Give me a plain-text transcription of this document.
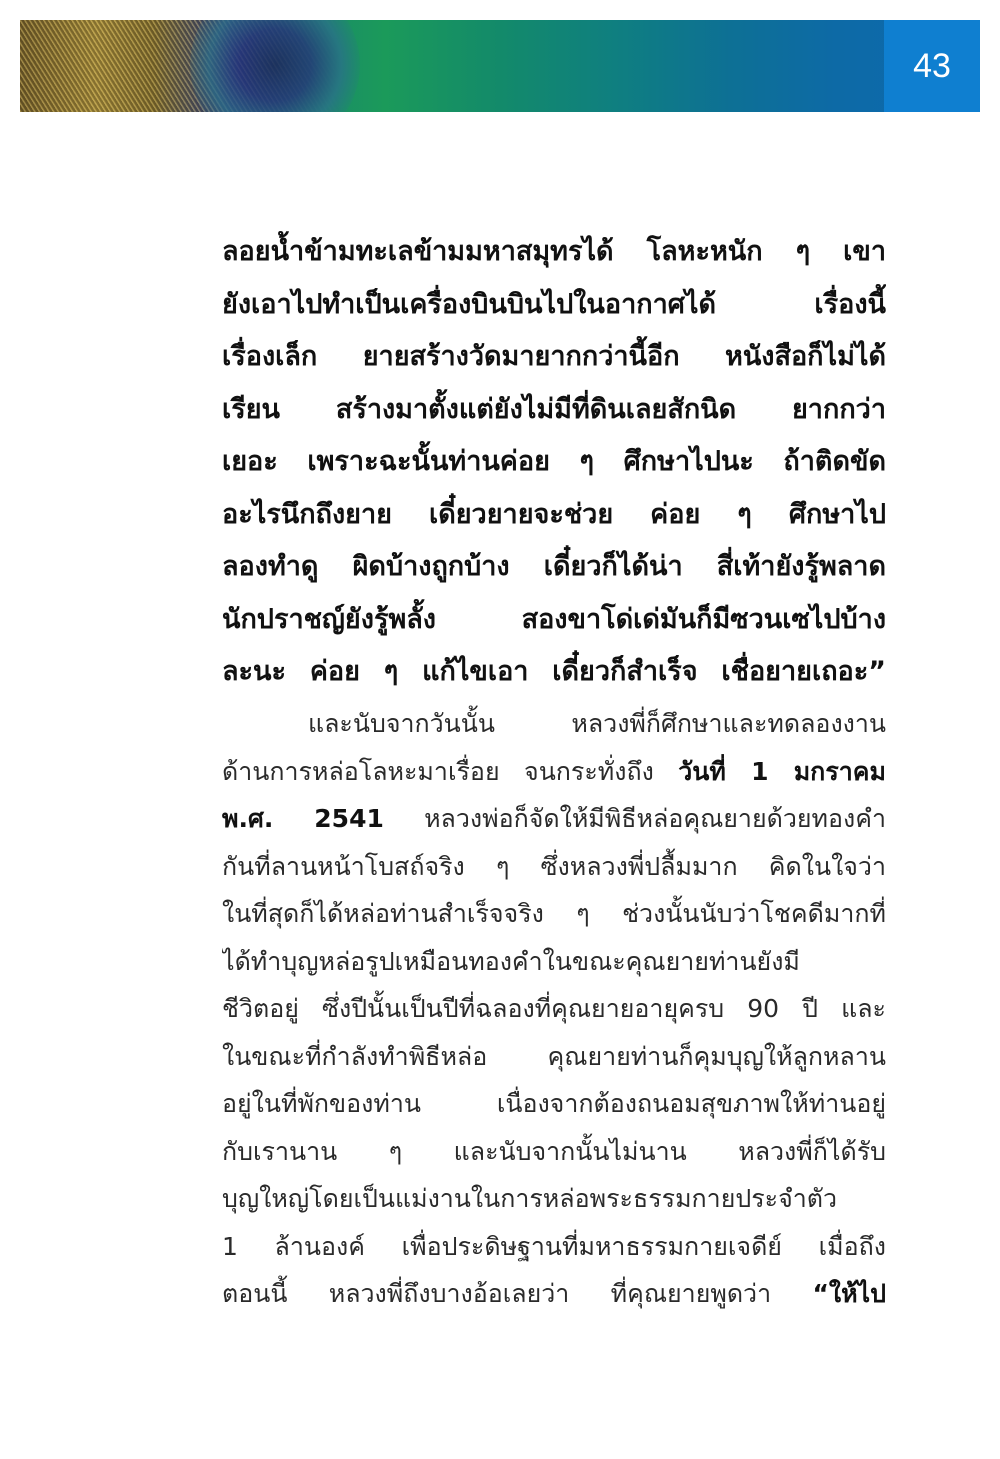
43
ลอยน้ำข้ามทะเลข้ามมหาสมุทรได้ โลหะหนัก ๆ เขา
ยังเอาไปทำเป็นเครื่องบินบินไปในอากาศได้ เรื่องนี้
เรื่องเล็ก ยายสร้างวัดมายากกว่านี้อีก หนังสือก็ไม่ได้
เรียน สร้างมาตั้งแต่ยังไม่มีที่ดินเลยสักนิด ยากกว่า
เยอะ เพราะฉะนั้นท่านค่อย ๆ ศึกษาไปนะ ถ้าติดขัด
อะไรนึกถึงยาย เดี๋ยวยายจะช่วย ค่อย ๆ ศึกษาไป
ลองทำดู ผิดบ้างถูกบ้าง เดี๋ยวก็ได้น่า สี่เท้ายังรู้พลาด
นักปราชญ์ยังรู้พลั้ง สองขาโด่เด่มันก็มีซวนเซไปบ้าง
ละนะ ค่อย ๆ แก้ไขเอา เดี๋ยวก็สำเร็จ เชื่อยายเถอะ”
และนับจากวันนั้น หลวงพี่ก็ศึกษาและทดลองงาน
ด้านการหล่อโลหะมาเรื่อย จนกระทั่งถึง วันที่ 1 มกราคม
พ.ศ. 2541 หลวงพ่อก็จัดให้มีพิธีหล่อคุณยายด้วยทองคำ
กันที่ลานหน้าโบสถ์จริง ๆ ซึ่งหลวงพี่ปลื้มมาก คิดในใจว่า
ในที่สุดก็ได้หล่อท่านสำเร็จจริง ๆ ช่วงนั้นนับว่าโชคดีมากที่
ได้ทำบุญหล่อรูปเหมือนทองคำในขณะคุณยายท่านยังมี
ชีวิตอยู่ ซึ่งปีนั้นเป็นปีที่ฉลองที่คุณยายอายุครบ 90 ปี และ
ในขณะที่กำลังทำพิธีหล่อ คุณยายท่านก็คุมบุญให้ลูกหลาน
อยู่ในที่พักของท่าน เนื่องจากต้องถนอมสุขภาพให้ท่านอยู่
กับเรานาน ๆ และนับจากนั้นไม่นาน หลวงพี่ก็ได้รับ
บุญใหญ่โดยเป็นแม่งานในการหล่อพระธรรมกายประจำตัว
1 ล้านองค์ เพื่อประดิษฐานที่มหาธรรมกายเจดีย์ เมื่อถึง
ตอนนี้ หลวงพี่ถึงบางอ้อเลยว่า ที่คุณยายพูดว่า “ให้ไป
